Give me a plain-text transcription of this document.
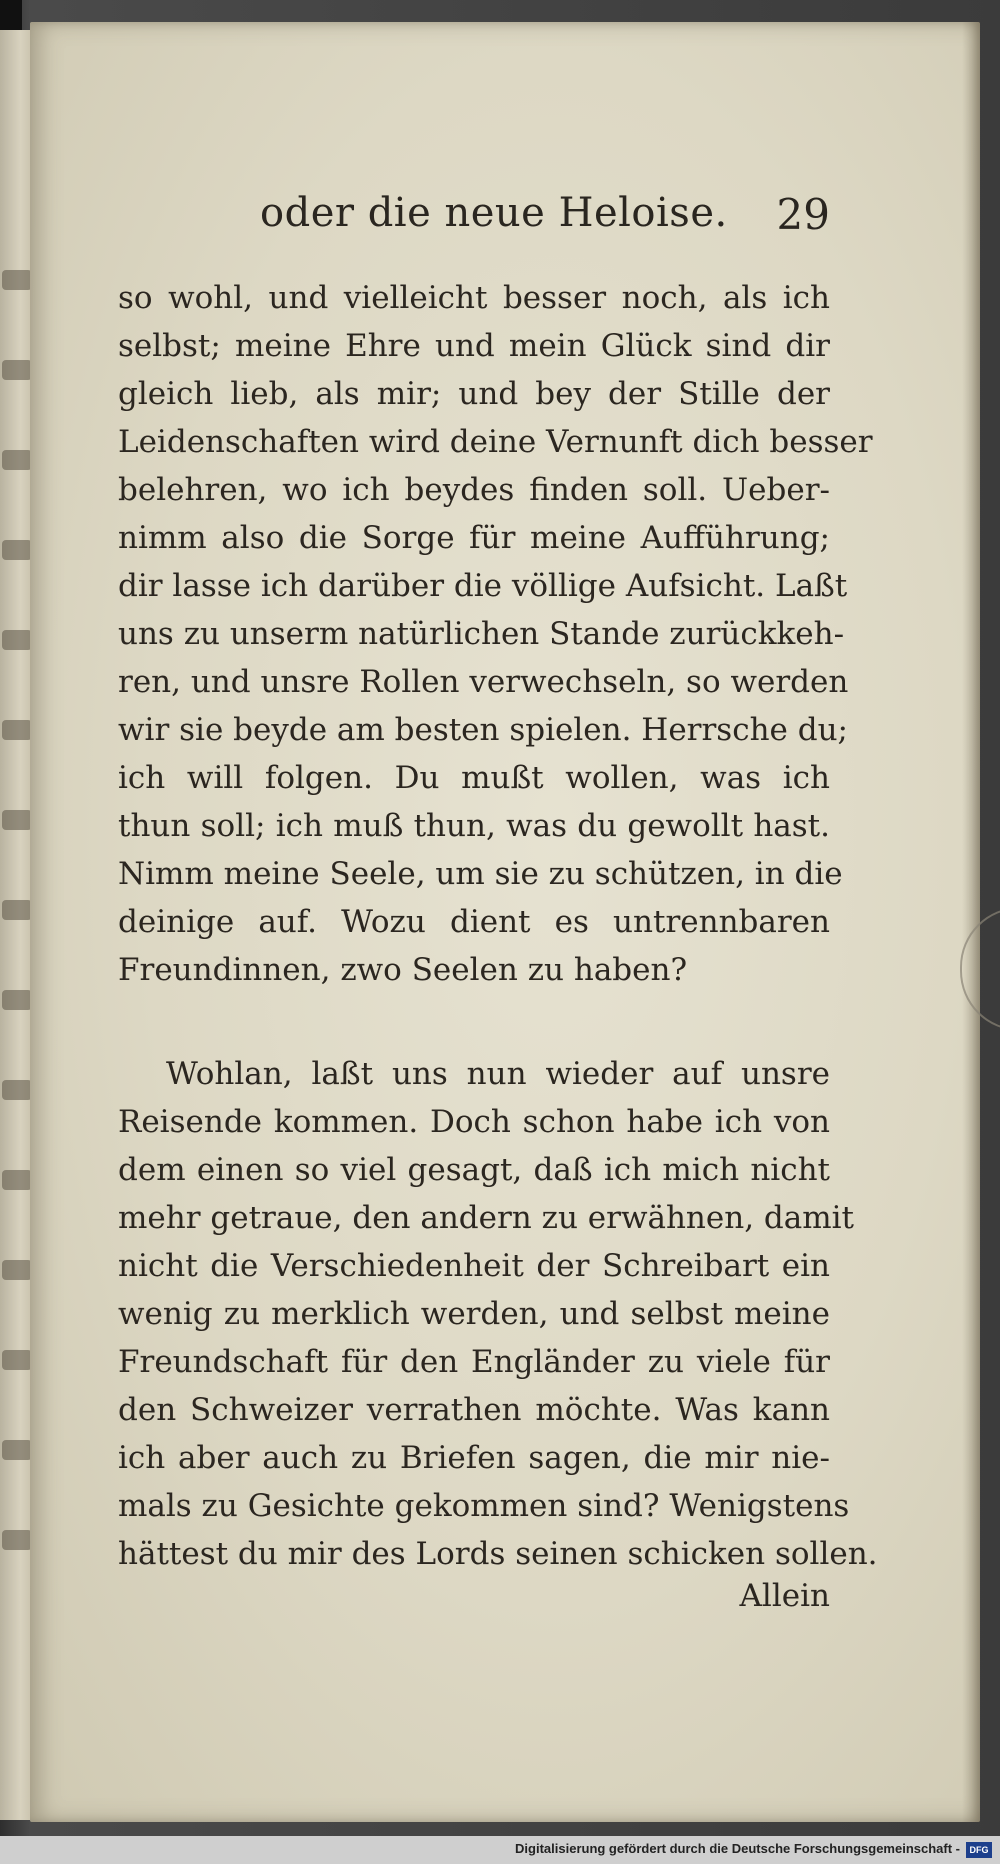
oder die neue Heloise. 29
so wohl, und vielleicht besser noch, als ich
selbst; meine Ehre und mein Glück sind dir
gleich lieb, als mir; und bey der Stille der
Leidenschaften wird deine Vernunft dich besser
belehren, wo ich beydes finden soll. Ueber-
nimm also die Sorge für meine Aufführung;
dir lasse ich darüber die völlige Aufsicht. Laßt
uns zu unserm natürlichen Stande zurückkeh-
ren, und unsre Rollen verwechseln, so werden
wir sie beyde am besten spielen. Herrsche du;
ich will folgen. Du mußt wollen, was ich
thun soll; ich muß thun, was du gewollt hast.
Nimm meine Seele, um sie zu schützen, in die
deinige auf. Wozu dient es untrennbaren
Freundinnen, zwo Seelen zu haben?
Wohlan, laßt uns nun wieder auf unsre
Reisende kommen. Doch schon habe ich von
dem einen so viel gesagt, daß ich mich nicht
mehr getraue, den andern zu erwähnen, damit
nicht die Verschiedenheit der Schreibart ein
wenig zu merklich werden, und selbst meine
Freundschaft für den Engländer zu viele für
den Schweizer verrathen möchte. Was kann
ich aber auch zu Briefen sagen, die mir nie-
mals zu Gesichte gekommen sind? Wenigstens
hättest du mir des Lords seinen schicken sollen.
Allein
Digitalisierung gefördert durch die Deutsche Forschungsgemeinschaft -	DFG
